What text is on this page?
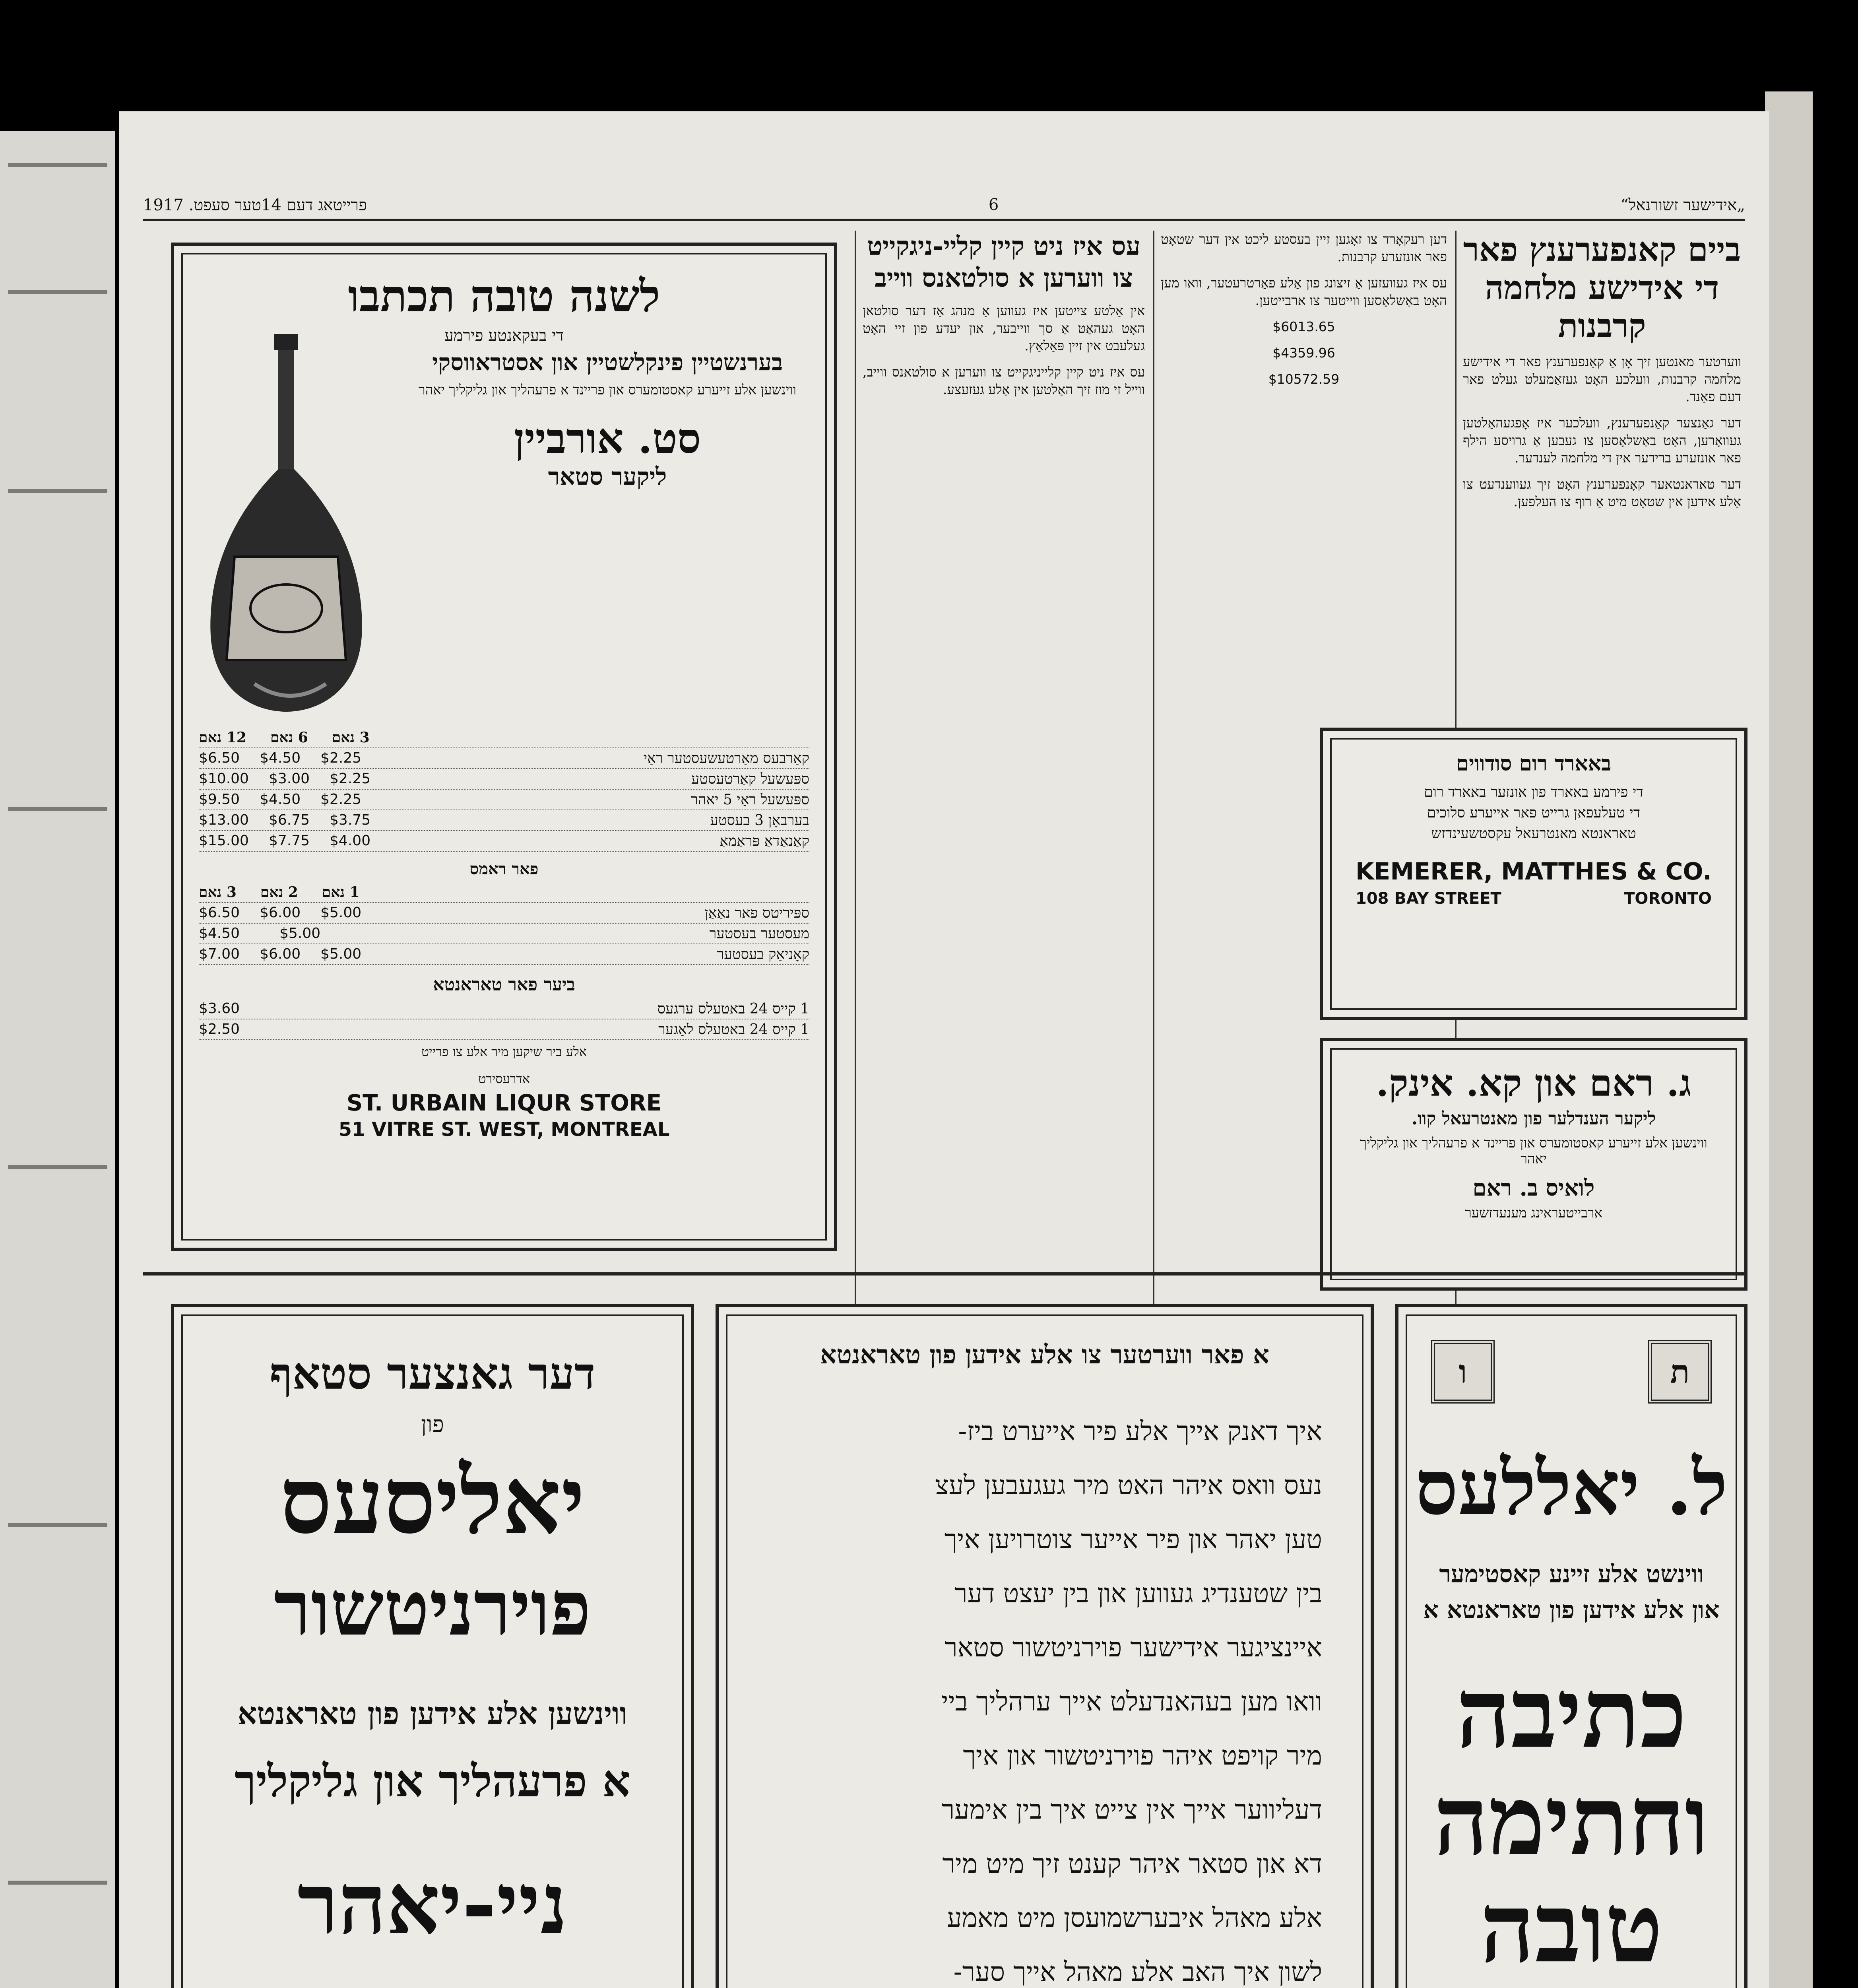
„אידישער זשורנאל“
6
פרייטאג דעם 14טער סעפט. 1917
ביים קאנפערענץ פאר די אידישע מלחמה קרבנות

ווערטער מאנטען זיך אָן אַ קאַנפערענץ פאר די אידישע מלחמה קרבנות, וועלכע האָט געזאַמעלט געלט פאר דעם פאַנד.

דער גאַנצער קאַנפערענץ, וועלכער איז אָפגעהאַלטען געוואָרען, האָט באַשלאָסען צו געבען אַ גרויסע הילף פאר אונזערע ברידער אין די מלחמה לענדער.

דער טאראנטאער קאָנפערענץ האָט זיך געווענדעט צו אַלע אידען אין שטאָט מיט אַ רוף צו העלפען.

דען רעקאָרד צו זאָגען זיין בעסטע ליכט אין דער שטאָט פאר אונזערע קרבנות.

עס איז געוועזען אַ זיצונג פון אַלע פאַרטרעטער, וואו מען האָט באַשלאָסען ווייטער צו ארבייטען.

$6013.65

$4359.96

$10572.59

עס איז ניט קיין קליי-ניגקייט צו ווערען א סולטאנס ווייב

אין אַלטע צייטען איז געווען אַ מנהג אַז דער סולטאן האָט געהאַט אַ סך ווייבער, און יעדע פון זיי האָט געלעבט אין זיין פּאַלאַץ.

עס איז ניט קיין קלייניגקייט צו ווערען א סולטאנס ווייב, ווייל זי מוז זיך האַלטען אין אַלע געזעצע.

באארד רום סודווים
די פירמע באארד פון אונזער באארד רום
די טעלעפאן גרייט פאר אייערע סלוכים
טאראנטא מאנטרעאל עקסטשעינדזש
KEMERER, MATTHES & CO.
108 BAY STREET	TORONTO
ג. ראם און קא. אינק.
ליקער הענדלער פון מאנטרעאל קוו.
ווינשען אלע זייערע קאסטומערס און פריינד א פרעהליך און גליקליך יאהר
לואיס ב. ראם
ארבייטעראינג מענעדזשער
לשנה טובה תכתבו
די בעקאנטע פירמע
בערנשטיין פינקלשטיין און אסטראווסקי
ווינשען אלע זייערע קאסטומערס און פריינד א פרעהליך און גליקליך יאהר
סט. אורביין
ליקער סטאר
3 נאם
6 נאם
12 נאם
קאַרבעס מאַרטעשעסטער ראַי
$6.50 $4.50 $2.25
ספּעשעל קאַרטעסטע
$10.00 $3.00 $2.25
ספּעשעל ראַי 5 יאהר
$9.50 $4.50 $2.25
בערבאָן 3 בעסטע
$13.00 $6.75 $3.75
קאַנאַדאַ פּראַמאַ
$15.00 $7.75 $4.00
פאר ראמס
1 נאם
2 נאם
3 נאם
ספּיריטס פאר נאַאַן
$6.50 $6.00 $5.00
מעסטער בעסטער
$4.50	$5.00
קאָניאַק בעסטער
$7.00 $6.00 $5.00
ביער פאר טאראנטא
1 קייס 24 באטעלס ערגעס
$3.60
1 קייס 24 באטעלס לאַגער
$2.50
אלע ביר שיקען מיר אלע צו פרייט
אדרעסירט
ST. URBAIN LIQUR STORE
51 VITRE ST. WEST, MONTREAL
דער גאנצער סטאף
פון
יאליסעס
פוירניטשור
ווינשען אלע אידען פון טאראנטא
א פרעהליך און גליקליך
ניי-יאהר
א פאר ווערטער צו אלע אידען פון טאראנטא
איך דאנק אייך אלע פיר אייערט ביז-
נעס וואס איהר האט מיר געגעבען לעצ
טען יאהר און פיר אייער צוטרויען איך
בין שטענדיג געווען און בין יעצט דער
איינציגער אידישער פוירניטשור סטאר
וואו מען בעהאנדעלט אייך ערהליך ביי
מיר קויפט איהר פוירניטשור און איך
דעליווער אייך אין צייט איך בין אימער
דא און סטאר איהר קענט זיך מיט מיר
אלע מאהל איבערשמועסן מיט מאמע
לשון איך האב אלע מאהל אייך סער-
ת
ו
ל. יאללעס
ווינשט אלע זיינע קאסטימער
און אלע אידען פון טאראנטא א
כתיבה
וחתימה
טובה
